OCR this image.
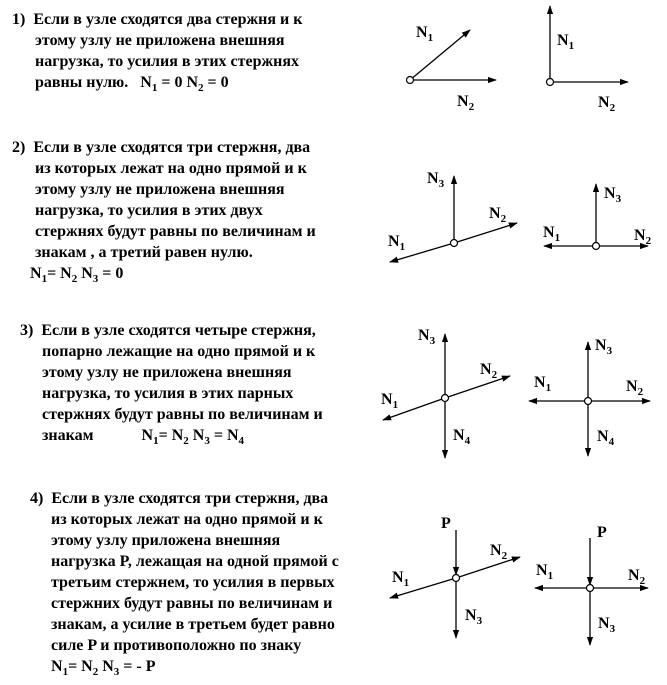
1) Если в узле сходятся два стержня и к
этому узлу не приложена внешняя
нагрузка, то усилия в этих стержнях
равны нулю. $N_1 = 0$ $N_2 = 0$
2) Если в узле сходятся три стержня, два
из которых лежат на одно прямой и к
этому узлу не приложена внешняя
нагрузка, то усилия в этих двух
стержнях будут равны по величинам и
знакам , а третий равен нулю.
$N_1= N_2$ $N_3 = 0$
3) Если в узле сходятся четыре стержня,
попарно лежащие на одно прямой и к
этому узлу не приложена внешняя
нагрузка, то усилия в этих парных
стержнях будут равны по величинам и
знакам	$N_1= N_2$ $N_3 = N_4$
4) Если в узле сходятся три стержня, два
из которых лежат на одно прямой и к
этому узлу приложена внешняя
нагрузка P, лежащая на одной прямой с
третьим стержнем, то усилия в первых
стержних будут равны по величинам и
знакам, а усилие в третьем будет равно
силе P и противоположно по знаку
$N_1= N_2$ $N_3$ = - P
$N_1$
$N_2$
$N_1$
$N_2$
$N_1$
$N_2$
$N_3$
$N_1$	$N_2$
$N_3$
$N_1$
$N_2$
$N_3$
$N_4$
$N_1$	$N_2$
$N_3$
$N_4$
P
$N_1$
$N_2$
$N_3$
P
$N_1$	$N_2$
$N_3$
